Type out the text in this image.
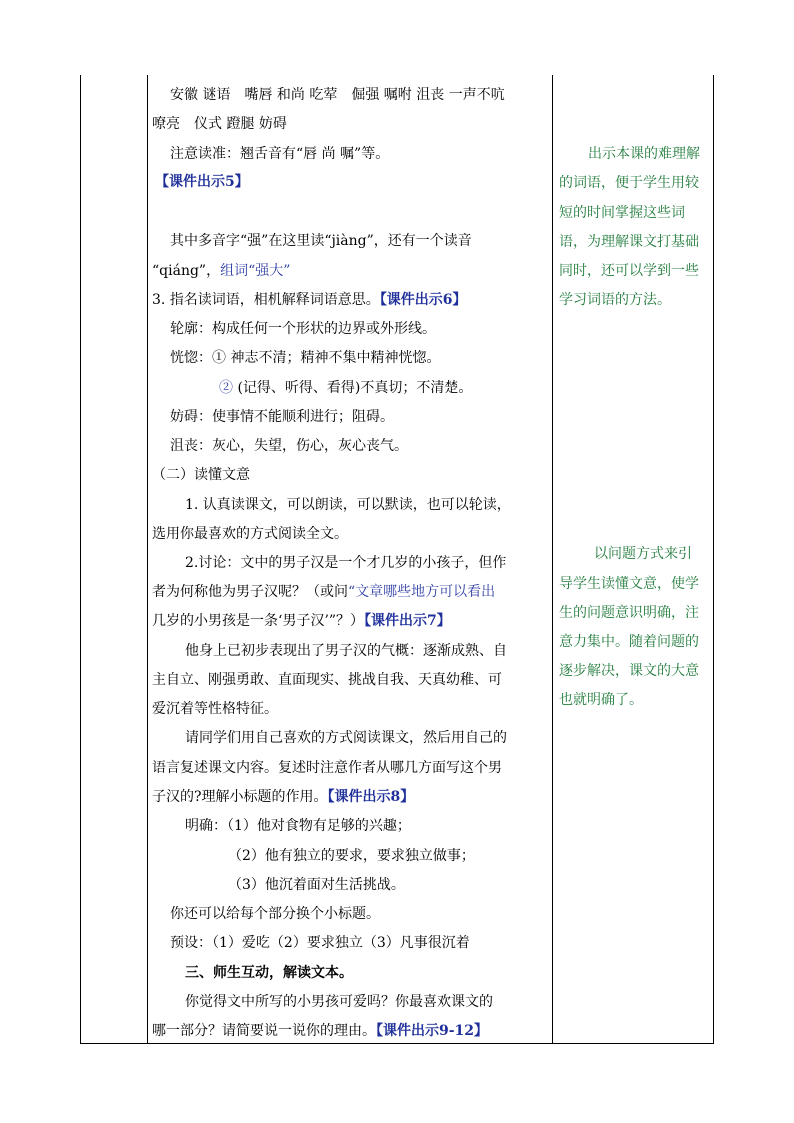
安徽 谜语　嘴唇 和尚 吃荤　倔强 嘱咐 沮丧 一声不吭
嘹亮　仪式 蹬腿 妨碍
注意读准：翘舌音有“唇 尚 嘱”等。
【课件出示5】
其中多音字“强”在这里读“jiàng”，还有一个读音
“qiáng”，组词“强大”
3. 指名读词语，相机解释词语意思。【课件出示6】
轮廓：构成任何一个形状的边界或外形线。
恍惚：① 神志不清；精神不集中精神恍惚。
② (记得、听得、看得)不真切；不清楚。
妨碍：使事情不能顺利进行；阻碍。
沮丧：灰心，失望，伤心，灰心丧气。
（二）读懂文意
1. 认真读课文，可以朗读，可以默读，也可以轮读，
选用你最喜欢的方式阅读全文。
2.讨论：文中的男子汉是一个才几岁的小孩子，但作
者为何称他为男子汉呢？（或问“文章哪些地方可以看出
几岁的小男孩是一条‘男子汉’”？）【课件出示7】
他身上已初步表现出了男子汉的气概：逐渐成熟、自
主自立、刚强勇敢、直面现实、挑战自我、天真幼稚、可
爱沉着等性格特征。
请同学们用自己喜欢的方式阅读课文，然后用自己的
语言复述课文内容。复述时注意作者从哪几方面写这个男
子汉的?理解小标题的作用。【课件出示8】
明确：（1）他对食物有足够的兴趣；
（2）他有独立的要求，要求独立做事；
（3）他沉着面对生活挑战。
你还可以给每个部分换个小标题。
预设：（1）爱吃（2）要求独立（3）凡事很沉着
三、师生互动，解读文本。
你觉得文中所写的小男孩可爱吗？你最喜欢课文的
哪一部分？请简要说一说你的理由。【课件出示9-12】
出示本课的难理解
的词语，便于学生用较
短的时间掌握这些词
语，为理解课文打基础
同时，还可以学到一些
学习词语的方法。
以问题方式来引
导学生读懂文意，使学
生的问题意识明确，注
意力集中。随着问题的
逐步解决，课文的大意
也就明确了。
